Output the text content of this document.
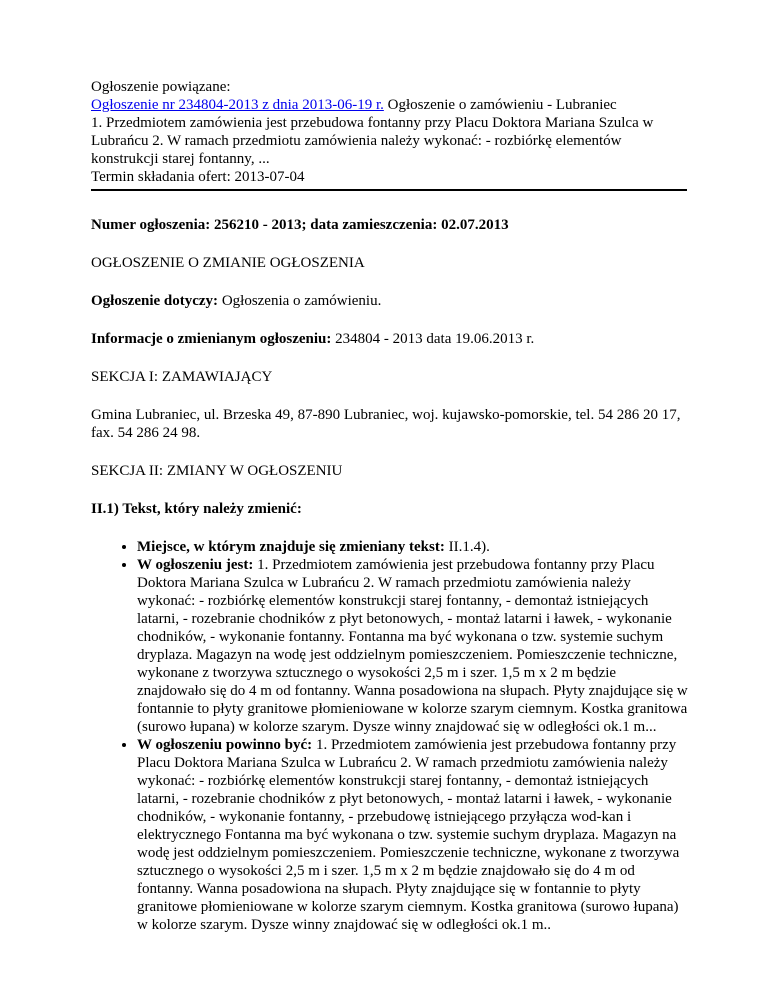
Ogłoszenie powiązane:

Ogłoszenie nr 234804-2013 z dnia 2013-06-19 r. Ogłoszenie o zamówieniu - Lubraniec

1. Przedmiotem zamówienia jest przebudowa fontanny przy Placu Doktora Mariana Szulca w Lubrańcu 2. W ramach przedmiotu zamówienia należy wykonać: - rozbiórkę elementów konstrukcji starej fontanny, ...

Termin składania ofert: 2013-07-04

Numer ogłoszenia: 256210 - 2013; data zamieszczenia: 02.07.2013

OGŁOSZENIE O ZMIANIE OGŁOSZENIA

Ogłoszenie dotyczy: Ogłoszenia o zamówieniu.

Informacje o zmienianym ogłoszeniu: 234804 - 2013 data 19.06.2013 r.

SEKCJA I: ZAMAWIAJĄCY

Gmina Lubraniec, ul. Brzeska 49, 87-890 Lubraniec, woj. kujawsko-pomorskie, tel. 54 286 20 17, fax. 54 286 24 98.

SEKCJA II: ZMIANY W OGŁOSZENIU

II.1) Tekst, który należy zmienić:

• Miejsce, w którym znajduje się zmieniany tekst: II.1.4).
• W ogłoszeniu jest: 1. Przedmiotem zamówienia jest przebudowa fontanny przy Placu Doktora Mariana Szulca w Lubrańcu 2. W ramach przedmiotu zamówienia należy wykonać: - rozbiórkę elementów konstrukcji starej fontanny, - demontaż istniejących latarni, - rozebranie chodników z płyt betonowych, - montaż latarni i ławek, - wykonanie chodników, - wykonanie fontanny. Fontanna ma być wykonana o tzw. systemie suchym dryplaza. Magazyn na wodę jest oddzielnym pomieszczeniem. Pomieszczenie techniczne, wykonane z tworzywa sztucznego o wysokości 2,5 m i szer. 1,5 m x 2 m będzie znajdowało się do 4 m od fontanny. Wanna posadowiona na słupach. Płyty znajdujące się w fontannie to płyty granitowe płomieniowane w kolorze szarym ciemnym. Kostka granitowa (surowo łupana) w kolorze szarym. Dysze winny znajdować się w odległości ok.1 m...
• W ogłoszeniu powinno być: 1. Przedmiotem zamówienia jest przebudowa fontanny przy Placu Doktora Mariana Szulca w Lubrańcu 2. W ramach przedmiotu zamówienia należy wykonać: - rozbiórkę elementów konstrukcji starej fontanny, - demontaż istniejących latarni, - rozebranie chodników z płyt betonowych, - montaż latarni i ławek, - wykonanie chodników, - wykonanie fontanny, - przebudowę istniejącego przyłącza wod-kan i elektrycznego Fontanna ma być wykonana o tzw. systemie suchym dryplaza. Magazyn na wodę jest oddzielnym pomieszczeniem. Pomieszczenie techniczne, wykonane z tworzywa sztucznego o wysokości 2,5 m i szer. 1,5 m x 2 m będzie znajdowało się do 4 m od fontanny. Wanna posadowiona na słupach. Płyty znajdujące się w fontannie to płyty granitowe płomieniowane w kolorze szarym ciemnym. Kostka granitowa (surowo łupana) w kolorze szarym. Dysze winny znajdować się w odległości ok.1 m..
